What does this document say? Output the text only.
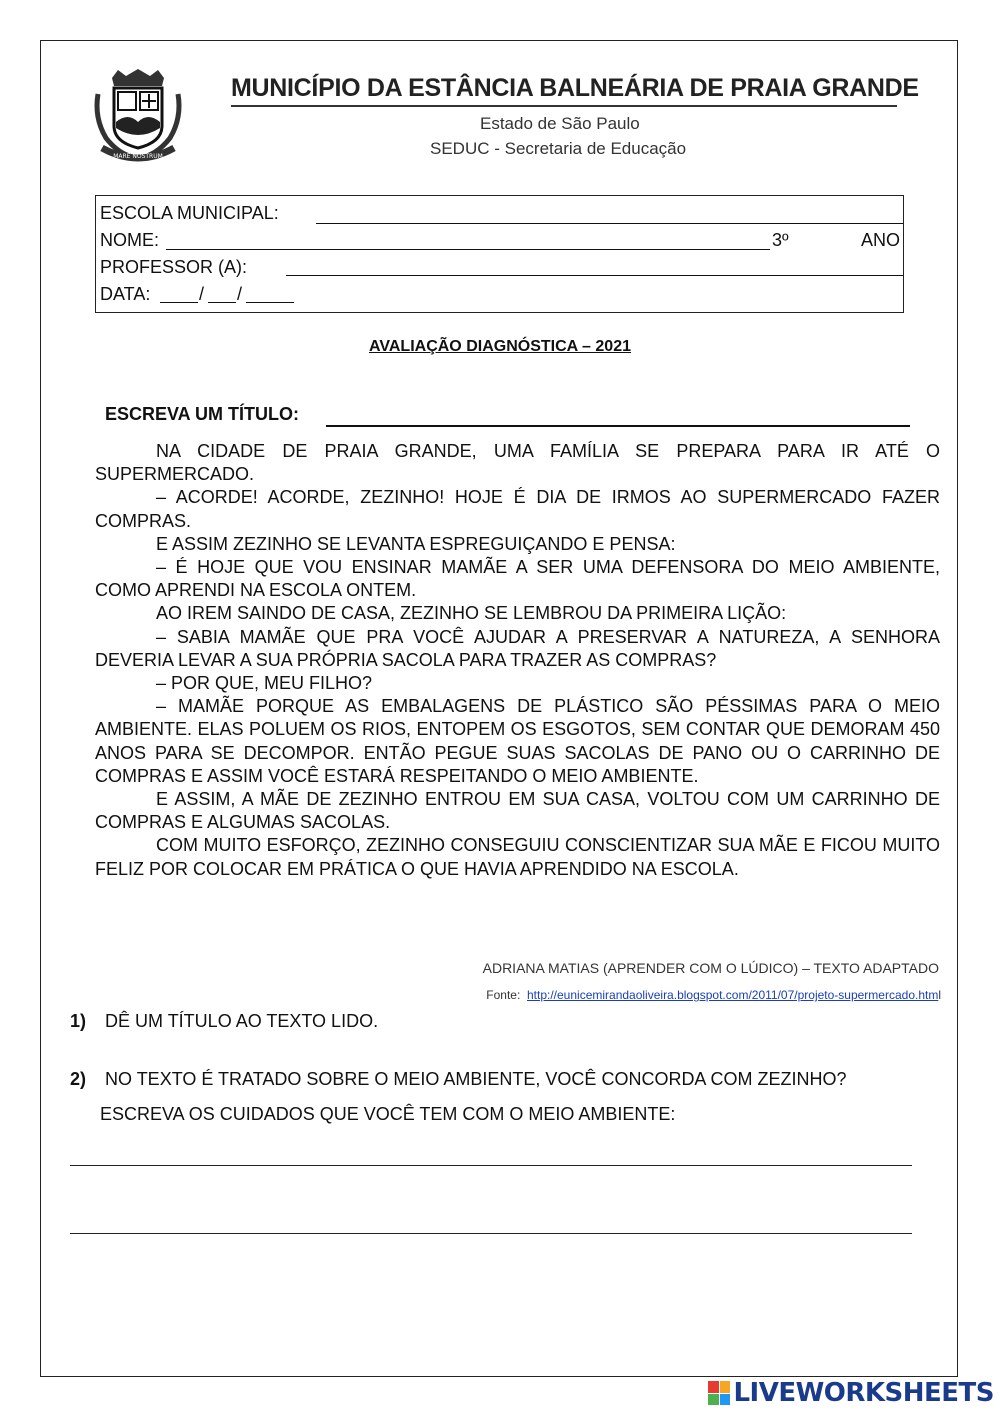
MARE NOSTRUM
MUNICÍPIO DA ESTÂNCIA BALNEÁRIA DE PRAIA GRANDE
Estado de São Paulo
SEDUC - Secretaria de Educação
ESCOLA MUNICIPAL:
NOME:	3º	ANO
PROFESSOR (A):
DATA:	/ /
AVALIAÇÃO DIAGNÓSTICA – 2021
ESCREVA UM TÍTULO:

NA CIDADE DE PRAIA GRANDE, UMA FAMÍLIA SE PREPARA PARA IR ATÉ O SUPERMERCADO.

– ACORDE! ACORDE, ZEZINHO! HOJE É DIA DE IRMOS AO SUPERMERCADO FAZER COMPRAS.

E ASSIM ZEZINHO SE LEVANTA ESPREGUIÇANDO E PENSA:

– É HOJE QUE VOU ENSINAR MAMÃE A SER UMA DEFENSORA DO MEIO AMBIENTE, COMO APRENDI NA ESCOLA ONTEM.

AO IREM SAINDO DE CASA, ZEZINHO SE LEMBROU DA PRIMEIRA LIÇÃO:

– SABIA MAMÃE QUE PRA VOCÊ AJUDAR A PRESERVAR A NATUREZA, A SENHORA DEVERIA LEVAR A SUA PRÓPRIA SACOLA PARA TRAZER AS COMPRAS?

– POR QUE, MEU FILHO?

– MAMÃE PORQUE AS EMBALAGENS DE PLÁSTICO SÃO PÉSSIMAS PARA O MEIO AMBIENTE. ELAS POLUEM OS RIOS, ENTOPEM OS ESGOTOS, SEM CONTAR QUE DEMORAM 450 ANOS PARA SE DECOMPOR. ENTÃO PEGUE SUAS SACOLAS DE PANO OU O CARRINHO DE COMPRAS E ASSIM VOCÊ ESTARÁ RESPEITANDO O MEIO AMBIENTE.

E ASSIM, A MÃE DE ZEZINHO ENTROU EM SUA CASA, VOLTOU COM UM CARRINHO DE COMPRAS E ALGUMAS SACOLAS.

COM MUITO ESFORÇO, ZEZINHO CONSEGUIU CONSCIENTIZAR SUA MÃE E FICOU MUITO FELIZ POR COLOCAR EM PRÁTICA O QUE HAVIA APRENDIDO NA ESCOLA.

ADRIANA MATIAS (APRENDER COM O LÚDICO) – TEXTO ADAPTADO
Fonte: http://eunicemirandaoliveira.blogspot.com/2011/07/projeto-supermercado.html
1) DÊ UM TÍTULO AO TEXTO LIDO.
2) NO TEXTO É TRATADO SOBRE O MEIO AMBIENTE, VOCÊ CONCORDA COM ZEZINHO?
ESCREVA OS CUIDADOS QUE VOCÊ TEM COM O MEIO AMBIENTE:
LIVEWORKSHEETS
